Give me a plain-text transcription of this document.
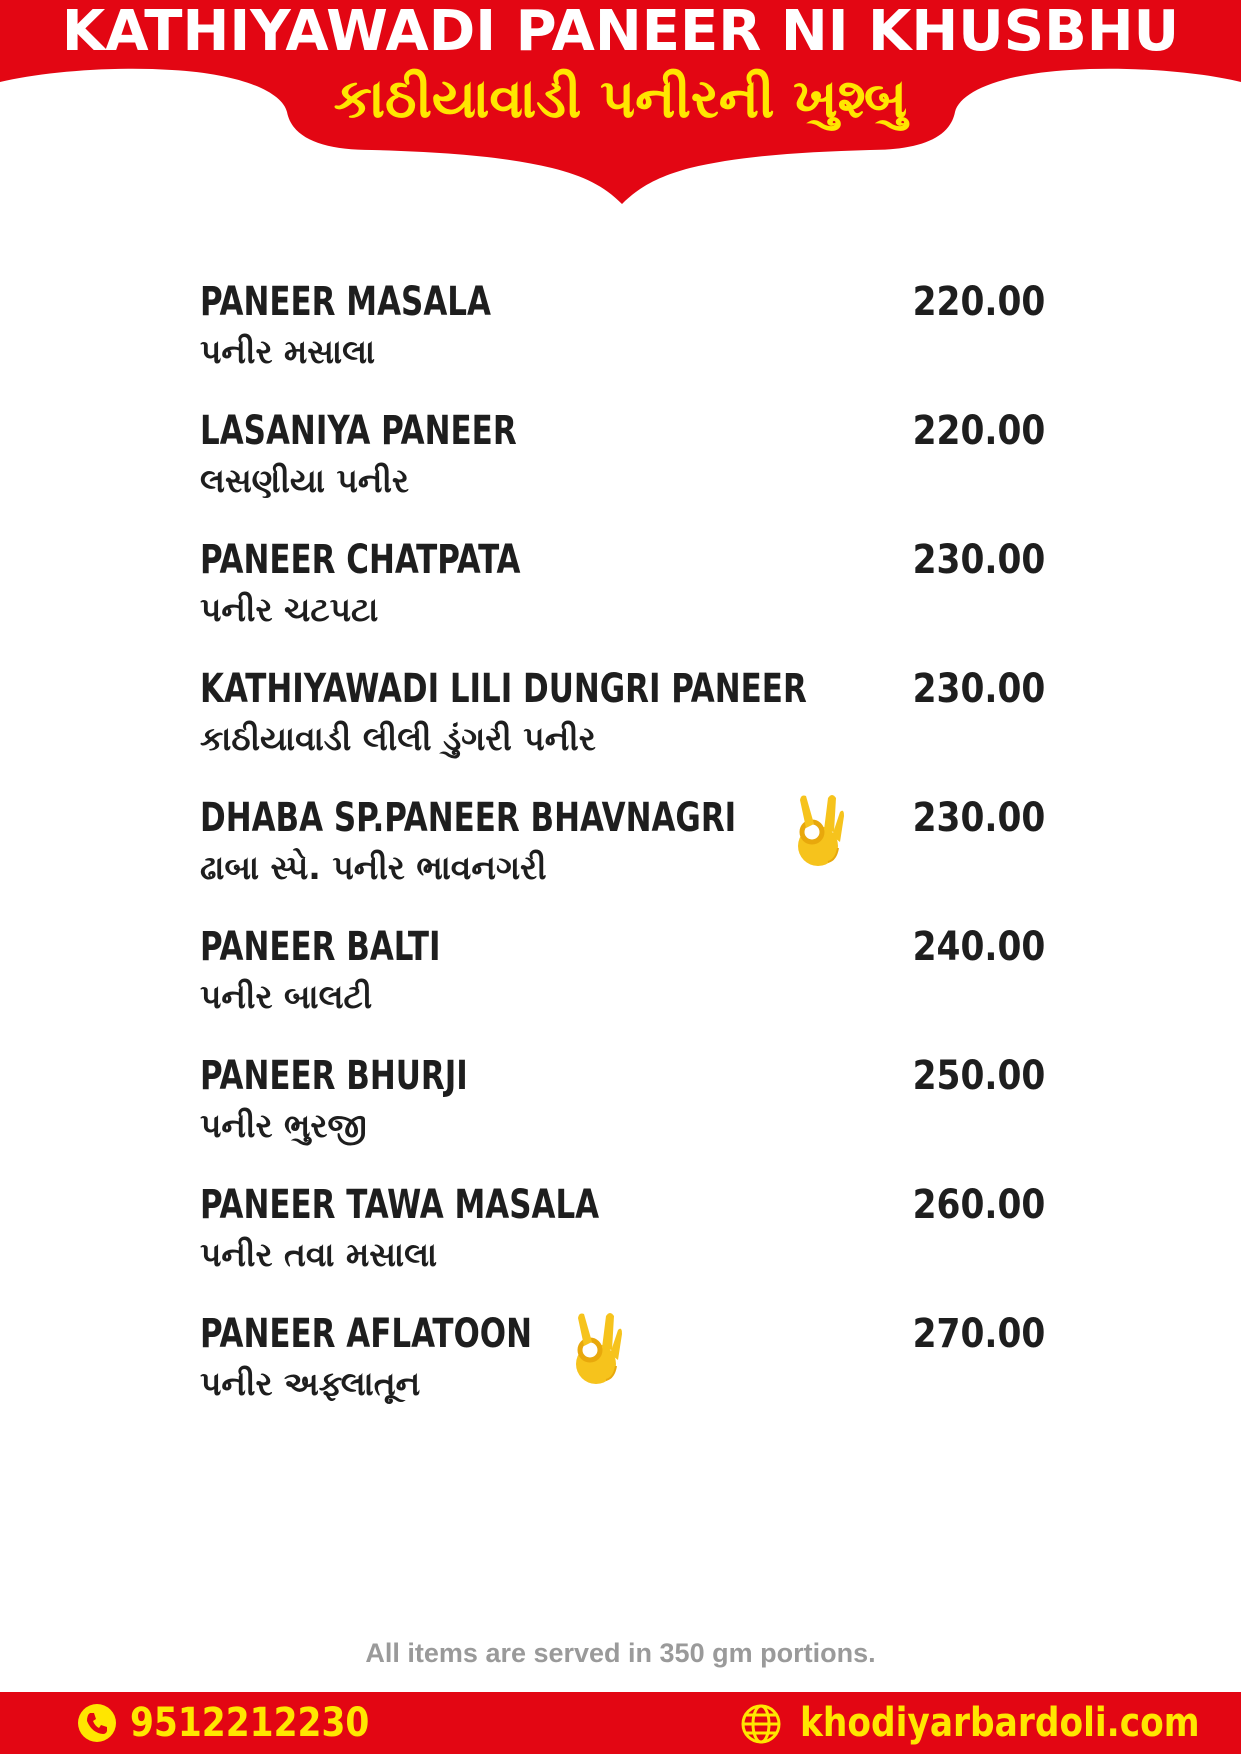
KATHIYAWADI PANEER NI KHUSBHU
કાઠીયાવાડી પનીરની ખુશ્બુ
PANEER MASALA
પનીર મસાલા
220.00
LASANIYA PANEER
લસણીયા પનીર
220.00
PANEER CHATPATA
પનીર ચટપટા
230.00
KATHIYAWADI LILI DUNGRI PANEER
કાઠીયાવાડી લીલી ડુંગરી પનીર
230.00
DHABA SP.PANEER BHAVNAGRI
ઢાબા સ્પે. પનીર ભાવનગરી
230.00
PANEER BALTI
પનીર બાલટી
240.00
PANEER BHURJI
પનીર ભુરજી
250.00
PANEER TAWA MASALA
પનીર તવા મસાલા
260.00
PANEER AFLATOON
પનીર અફ્લાતૂન
270.00
All items are served in 350 gm portions.
9512212230	khodiyarbardoli.com
